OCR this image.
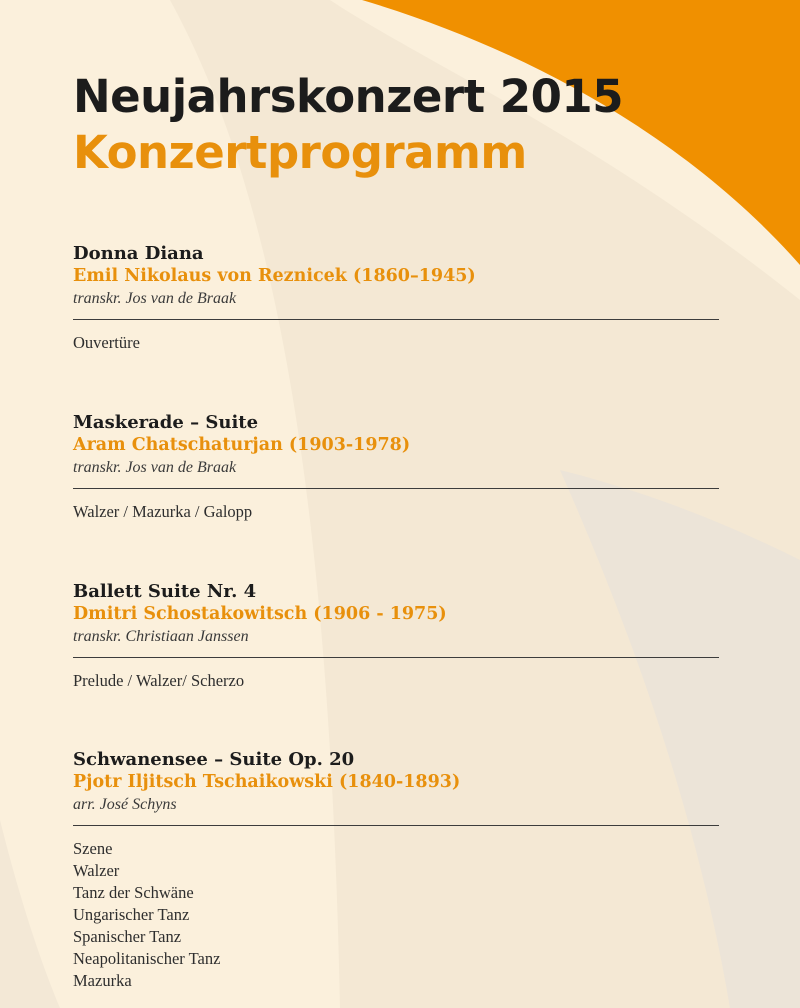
Neujahrskonzert 2015
Konzertprogramm
Donna Diana
Emil Nikolaus von Reznicek (1860–1945)
transkr. Jos van de Braak
Ouvertüre
Maskerade – Suite
Aram Chatschaturjan (1903-1978)
transkr. Jos van de Braak
Walzer / Mazurka / Galopp
Ballett Suite Nr. 4
Dmitri Schostakowitsch (1906 - 1975)
transkr. Christiaan Janssen
Prelude / Walzer/ Scherzo
Schwanensee – Suite Op. 20
Pjotr Iljitsch Tschaikowski (1840-1893)
arr. José Schyns
Szene
Walzer
Tanz der Schwäne
Ungarischer Tanz
Spanischer Tanz
Neapolitanischer Tanz
Mazurka
